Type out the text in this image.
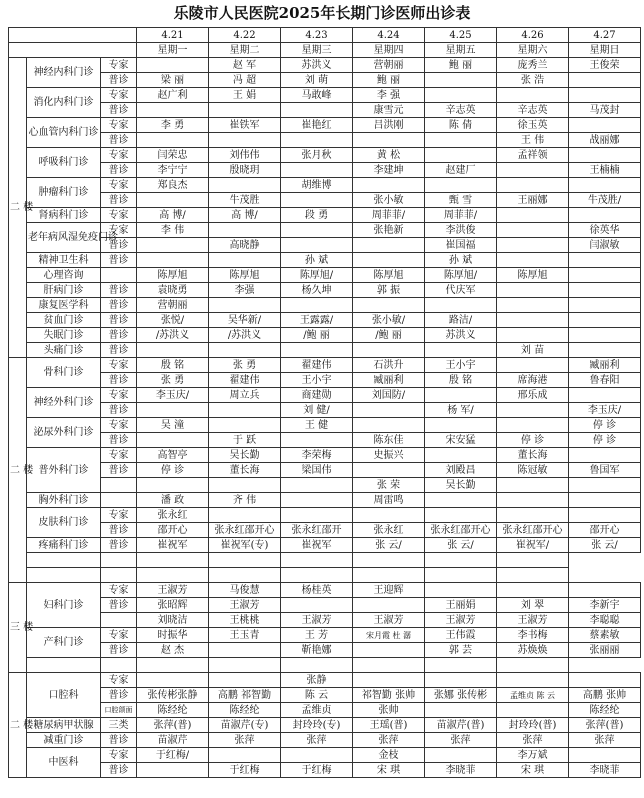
乐陵市人民医院2025年长期门诊医师出诊表
			4.21	4.22	4.23	4.24	4.25	4.26	4.27
			星期一	星期二	星期三	星期四	星期五	星期六	星期日
二 楼	神经内科门诊	专家		赵 军	苏洪义	营朝丽	鲍 丽	庞秀兰	王俊荣
		普诊	梁 丽	冯 超	刘 萌	鲍 丽		张 浩	
	消化内科门诊	专家	赵广利	王 娟	马敢峰	李 强			
		普诊				康雪元	辛志英	辛志英	马茂封
	心血管内科门诊	专家	李 勇	崔铁军	崔艳红	吕洪刚	陈 倩	徐玉英	
		普诊						王 伟	战丽娜
	呼吸科门诊	专家	闫荣忠	刘伟伟	张月秋	黄 松		孟祥领	
		普诊	李宁宁	殷晓玥		李建坤	赵建厂		王楠楠
	肿瘤科门诊	专家	郑良杰		胡维博				
		普诊		牛茂胜		张小敏	甄 雪	王丽娜	牛茂胜/
	肾病科门诊	专家	高 博/	高 博/	段 勇	周菲菲/	周菲菲/		
	老年病风湿免疫门诊	专家	李 伟			张艳新	李洪俊		徐英华
		普诊		高晓静			崔国福		闫淑敏
	精神卫生科	普诊			孙 斌		孙 斌		
	心理咨询		陈厚旭	陈厚旭	陈厚旭/	陈厚旭	陈厚旭/	陈厚旭	
	肝病门诊	普诊	袁晓勇	李强	杨久坤	郭 振	代庆军		
	康复医学科	普诊	营朝丽						
	贫血门诊	普诊	张悦/	吴华新/	王露露/	张小敏/	路洁/		
	失眠门诊	普诊	/苏洪义	/苏洪义	/鲍 丽	/鲍 丽	苏洪义		
	头痛门诊	普诊						刘 苗	
二 楼	骨科门诊	专家	殷 铭	张 勇	翟建伟	石洪升	王小宇		臧丽利
		普诊	张 勇	翟建伟	王小宇	臧丽利	殷 铭	席海港	鲁春阳
	神经外科门诊	专家	李玉庆/	周立兵	商建勋	刘国防/		邢乐成	
		普诊			刘 健/		杨 军/		李玉庆/
	泌尿外科门诊	专家	吴 潼		王 健				停 诊
		普诊		于 跃		陈东佳	宋安猛	停 诊	停 诊
	普外科门诊	专家	高智亭	吴长勤	李荣梅	史振兴		董长海	
		普诊	停 诊	董长海	梁国伟		刘殿昌	陈冠敏	鲁国军
						张 荣	吴长勤		
	胸外科门诊		潘 政	齐 伟		周雷鸣			
	皮肤科门诊	专家	张永红						
		普诊	邵开心	张永红邵开心	张永红邵开	张永红	张永红邵开心	张永红邵开心	邵开心
	疼痛科门诊	普诊	崔祝军	崔祝军(专)	崔祝军	张 云/	张 云/	崔祝军/	张 云/

三 楼	妇科门诊	专家	王淑芳	马俊慧	杨桂英	王迎辉			
		普诊	张昭辉	王淑芳			王丽娟	刘 翠	李新宇
			刘晓洁	王桃桃	王淑芳	王淑芳	王淑芳	王淑芳	李聪聪
	产科门诊	专家	时振华	王玉青	王 芳	宋月霞 杜 潺	王伟霞	李书梅	蔡素敏
		普诊	赵 杰		靳艳娜		郭 芸	苏焕焕	张丽丽

二 楼	口腔科	专家			张静				
		普诊	张传彬张静	高鹏 祁智勤	陈 云	祁智勤 张帅	张娜 张传彬	孟维贞 陈 云	高鹏 张帅
		口腔颌面	陈经纶	陈经纶	孟维贞	张帅			陈经纶
	糖尿病甲状腺	三类	张萍(普)	苗淑芹(专)	封玲玲(专)	王瑶(普)	苗淑芹(普)	封玲玲(普)	张萍(普)
	减重门诊	普诊	苗淑芹	张萍	张萍	张萍	张萍	张萍	张萍
	中医科	专家	于红梅/			金枝		李万斌	
		普诊		于红梅	于红梅	宋 琪	李晓菲	宋 琪	李晓菲
